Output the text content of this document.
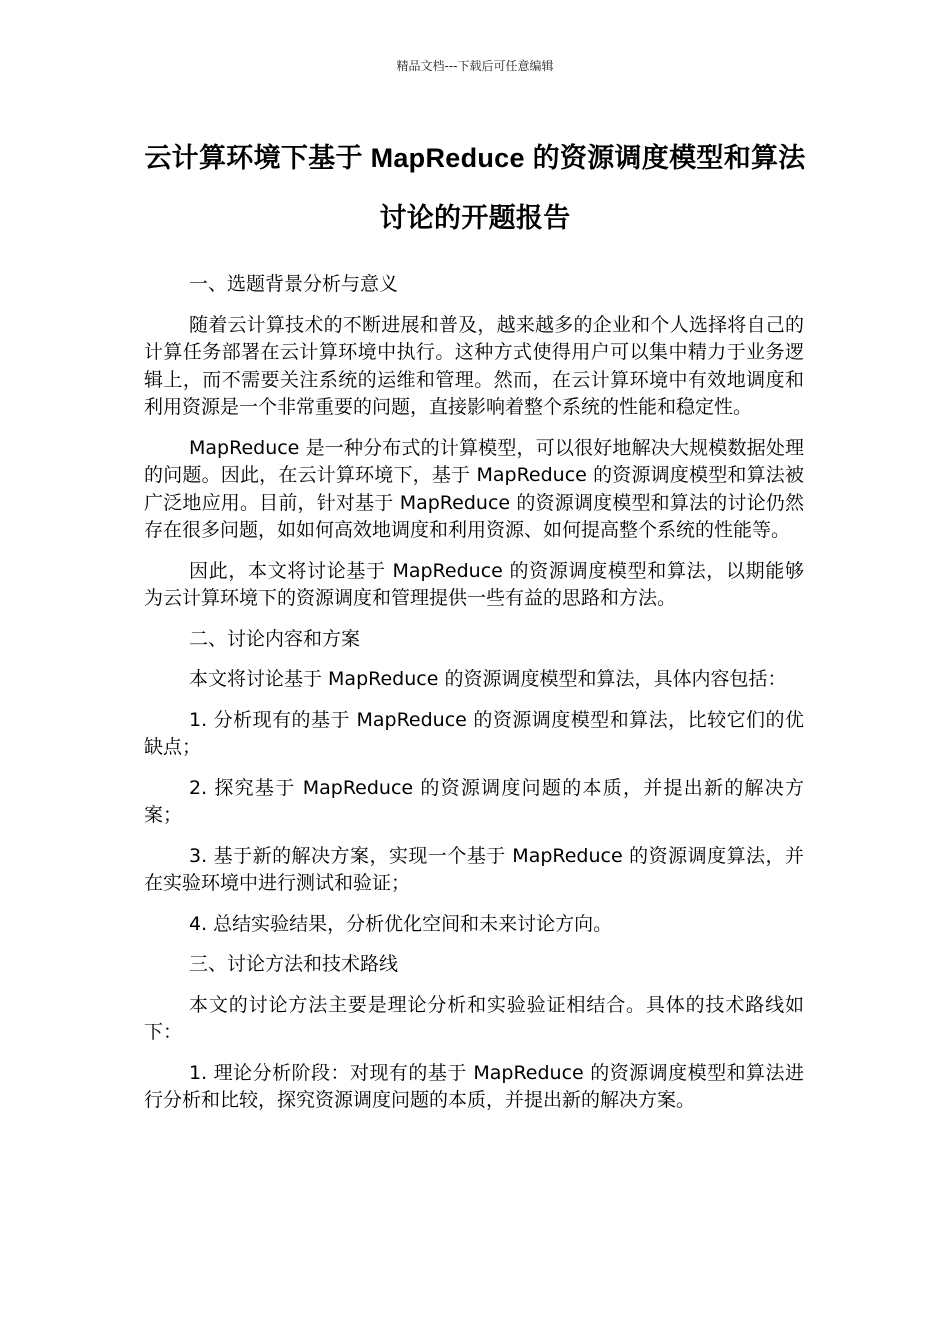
精品文档---下载后可任意编辑
云计算环境下基于 MapReduce 的资源调度模型和算法讨论的开题报告

一、选题背景分析与意义

随着云计算技术的不断进展和普及，越来越多的企业和个人选择将自己的计算任务部署在云计算环境中执行。这种方式使得用户可以集中精力于业务逻辑上，而不需要关注系统的运维和管理。然而，在云计算环境中有效地调度和利用资源是一个非常重要的问题，直接影响着整个系统的性能和稳定性。

MapReduce 是一种分布式的计算模型，可以很好地解决大规模数据处理的问题。因此，在云计算环境下，基于 MapReduce 的资源调度模型和算法被广泛地应用。目前，针对基于 MapReduce 的资源调度模型和算法的讨论仍然存在很多问题，如如何高效地调度和利用资源、如何提高整个系统的性能等。

因此，本文将讨论基于 MapReduce 的资源调度模型和算法，以期能够为云计算环境下的资源调度和管理提供一些有益的思路和方法。

二、讨论内容和方案

本文将讨论基于 MapReduce 的资源调度模型和算法，具体内容包括：

1. 分析现有的基于 MapReduce 的资源调度模型和算法，比较它们的优缺点；

2. 探究基于 MapReduce 的资源调度问题的本质，并提出新的解决方案；

3. 基于新的解决方案，实现一个基于 MapReduce 的资源调度算法，并在实验环境中进行测试和验证；

4. 总结实验结果，分析优化空间和未来讨论方向。

三、讨论方法和技术路线

本文的讨论方法主要是理论分析和实验验证相结合。具体的技术路线如下：

1. 理论分析阶段：对现有的基于 MapReduce 的资源调度模型和算法进行分析和比较，探究资源调度问题的本质，并提出新的解决方案。
